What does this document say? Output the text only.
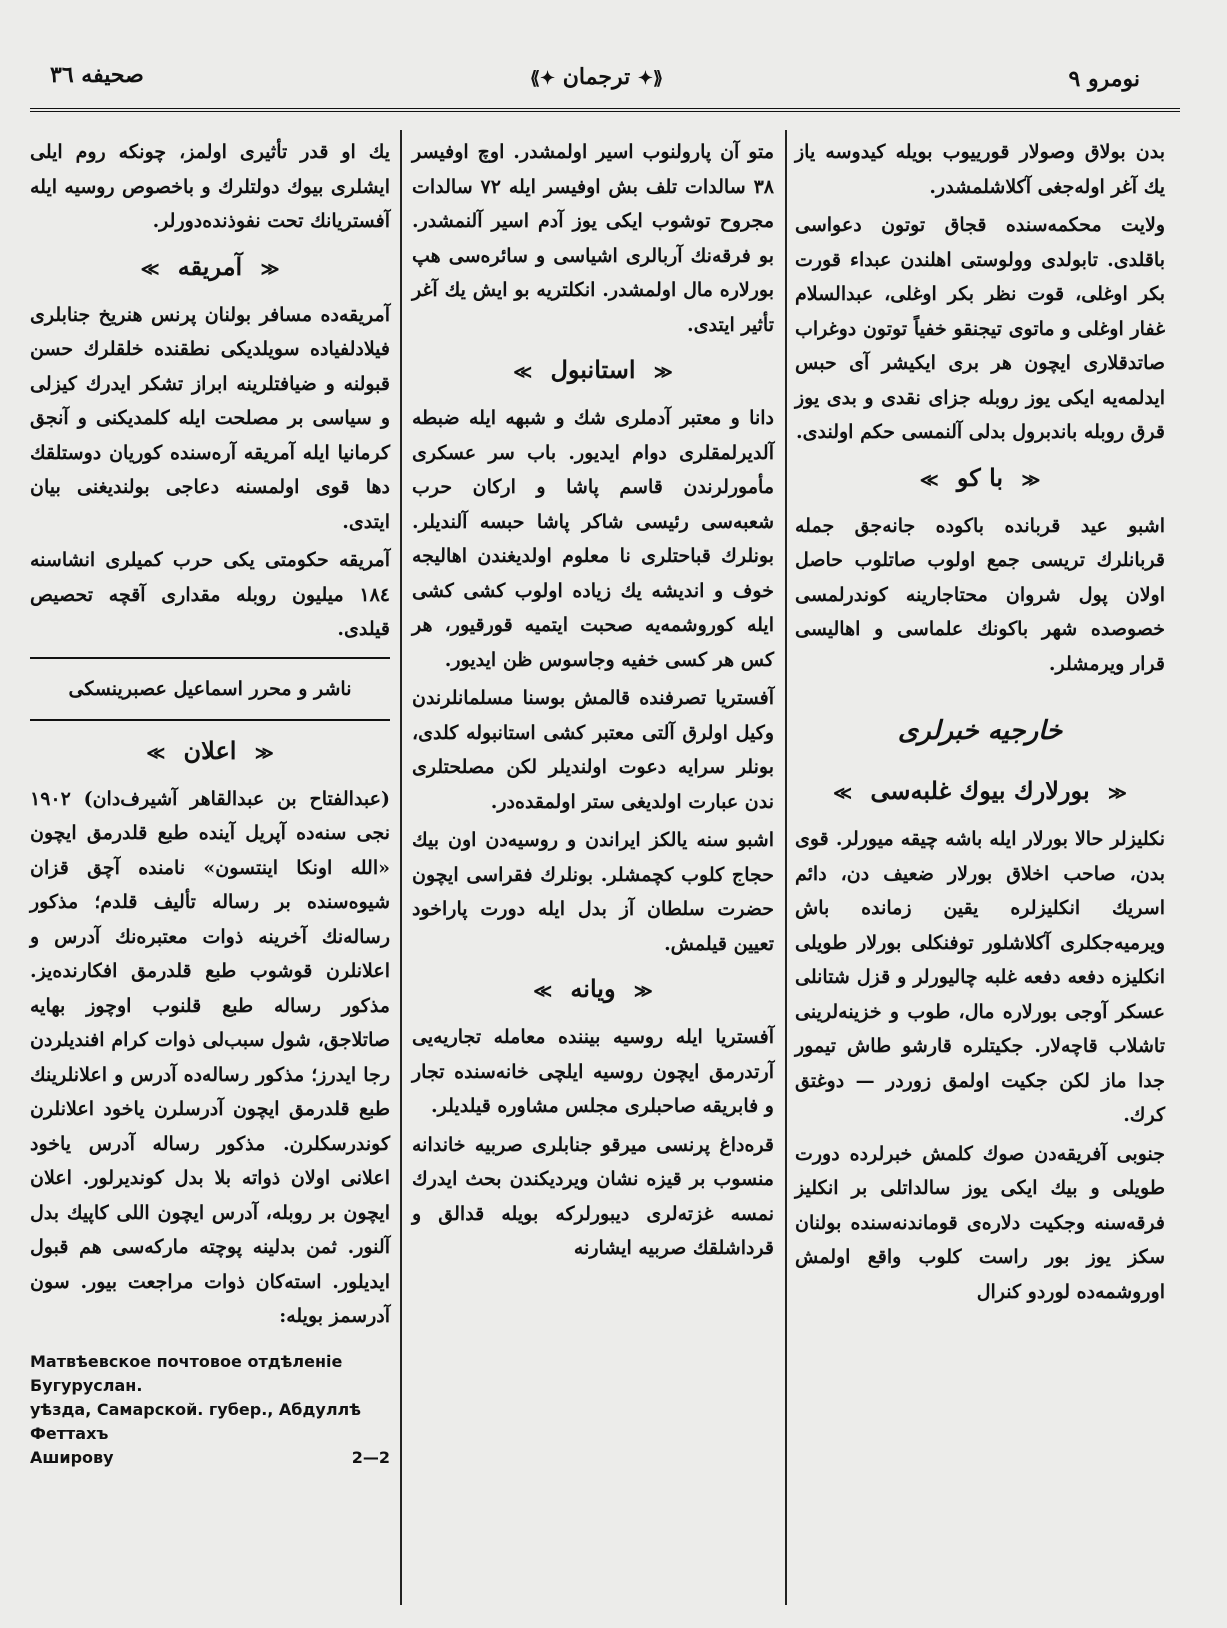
صحيفه ٣٦	⟪✦ ترجمان ✦⟫	نومرو ٩

بدن بولاق وصولار قورييوب بويله كيدوسه ياز يك آغر اوله‌جغى آكلاشلمشدر.

ولايت محكمه‌سنده قجاق توتون دعواسى باقلدى. تابولدى وولوستى اهلندن عبداء قورت بكر اوغلى، قوت نظر بكر اوغلى، عبدالسلام غفار اوغلى و ماتوى تيجنقو خفياً توتون دوغراب صاتدقلارى ايچون هر برى ايكيشر آى حبس ايدلمه‌يه ايكى يوز روبله جزاى نقدى و بدى يوز قرق روبله باندبرول بدلى آلنمسى حكم اولندى.

≪ با كو ≫

اشبو عيد قربانده باكوده جانه‌جق جمله قربانلرك تريسى جمع اولوب صاتلوب حاصل اولان پول شروان محتاجارينه كوندرلمسى خصوصده شهر باكونك علماسى و اهاليسى قرار ويرمشلر.

خارجيه خبرلرى
≪ بورلارك بيوك غلبه‌سى ≫

نكليزلر حالا بورلار ايله باشه چيقه ميورلر. قوى بدن، صاحب اخلاق بورلار ضعيف دن، دائم اسريك انكليزلره يقين زمانده باش ويرميه‌جكلرى آكلاشلور توفنكلى بورلار طويلى انكليزه دفعه دفعه غلبه چاليورلر و قزل شتانلى عسكر آوجى بورلاره مال، طوب و خزينه‌لرينى تاشلاب قاچه‌لار. جكيتلره قارشو طاش تيمور جدا ماز لكن جكيت اولمق زوردر — دوغتق كرك.

جنوبى آفريقه‌دن صوك كلمش خبرلرده دورت طويلى و بيك ايكى يوز سالداتلى بر انكليز فرقه‌سنه وجكيت دلاره‌ى قوماندنه‌سنده بولنان سكز يوز بور راست كلوب واقع اولمش اوروشمه‌ده لوردو كنرال

متو آن پارولنوب اسير اولمشدر. اوچ اوفيسر ٣٨ سالدات تلف بش اوفيسر ايله ٧٢ سالدات مجروح توشوب ايكى يوز آدم اسير آلنمشدر. بو فرقه‌نك آربالرى اشياسى و سائره‌سى هپ بورلاره مال اولمشدر. انكلتريه بو ايش يك آغر تأثير ايتدى.

≪ استانبول ≫

دانا و معتبر آدملرى شك و شبهه ايله ضبطه آلديرلمقلرى دوام ايديور. باب سر عسكرى مأمورلرندن قاسم پاشا و اركان حرب شعبه‌سى رئيسى شاكر پاشا حبسه آلنديلر. بونلرك قباحتلرى نا معلوم اولديغندن اهاليجه خوف و انديشه يك زياده اولوب كشى كشى ايله كوروشمه‌يه صحبت ايتميه قورقيور، هر كس هر كسى خفيه وجاسوس ظن ايديور.

آفستريا تصرفنده قالمش بوسنا مسلمانلرندن وكيل اولرق آلتى معتبر كشى استانبوله كلدى، بونلر سرايه دعوت اولنديلر لكن مصلحتلرى ندن عبارت اولديغى ستر اولمقده‌در.

اشبو سنه يالكز ايراندن و روسيه‌دن اون بيك حجاج كلوب كچمشلر. بونلرك فقراسى ايچون حضرت سلطان آز بدل ايله دورت پاراخود تعيين قيلمش.

≪ ويانه ≫

آفستريا ايله روسيه بيننده معامله تجاريه‌يى آرتدرمق ايچون روسيه ايلچى خانه‌سنده تجار و فابريقه صاحبلرى مجلس مشاوره قيلديلر.

قره‌داغ پرنسى ميرقو جنابلرى صربيه خاندانه منسوب بر قيزه نشان ويرديكندن بحث ايدرك نمسه غزته‌لرى ديبورلركه بويله قدالق و قرداشلقك صربيه ايشارنه

يك او قدر تأثيرى اولمز، چونكه روم ايلى ايشلرى بيوك دولتلرك و باخصوص روسيه ايله آفستريانك تحت نفوذنده‌دورلر.

≪ آمريقه ≫

آمريقه‌ده مسافر بولنان پرنس هنريخ جنابلرى فيلادلفياده سويلديكى نطقنده خلقلرك حسن قبولنه و ضيافتلرينه ابراز تشكر ايدرك كيزلى و سياسى بر مصلحت ايله كلمديكنى و آنجق كرمانيا ايله آمريقه آره‌سنده كوريان دوستلقك دها قوى اولمسنه دعاجى بولنديغنى بيان ايتدى.

آمريقه حكومتى يكى حرب كميلرى انشاسنه ١٨٤ ميليون روبله مقدارى آقچه تحصيص قيلدى.

ناشر و محرر اسماعيل عصبرينسكى
≪ اعلان ≫

(عبدالفتاح بن عبدالقاهر آشيرف‌دان) ١٩٠٢ نجى سنه‌ده آپريل آينده طبع قلدرمق ايچون «الله اونكا اينتسون» نامنده آچق قزان شيوه‌سنده بر رساله تأليف قلدم؛ مذكور رساله‌نك آخرينه ذوات معتبره‌نك آدرس و اعلانلرن قوشوب طبع قلدرمق افكارنده‌يز. مذكور رساله طبع قلنوب اوچوز بهايه صاتلاجق، شول سبب‌لى ذوات كرام افنديلردن رجا ايدرز؛ مذكور رساله‌ده آدرس و اعلانلرينك طبع قلدرمق ايچون آدرسلرن ياخود اعلانلرن كوندرسكلرن. مذكور رساله آدرس ياخود اعلانى اولان ذواته بلا بدل كونديرلور. اعلان ايچون بر روبله، آدرس ايچون اللى كاپيك بدل آلنور. ثمن بدلينه پوچته ماركه‌سى هم قبول ايديلور. استه‌كان ذوات مراجعت بيور. سون آدرسمز بويله:

Матвѣевское почтовое отдѣленіе Бугуруслан.
уѣзда, Самарской. губер., Абдуллѣ Феттахъ
Аширову	2—2
